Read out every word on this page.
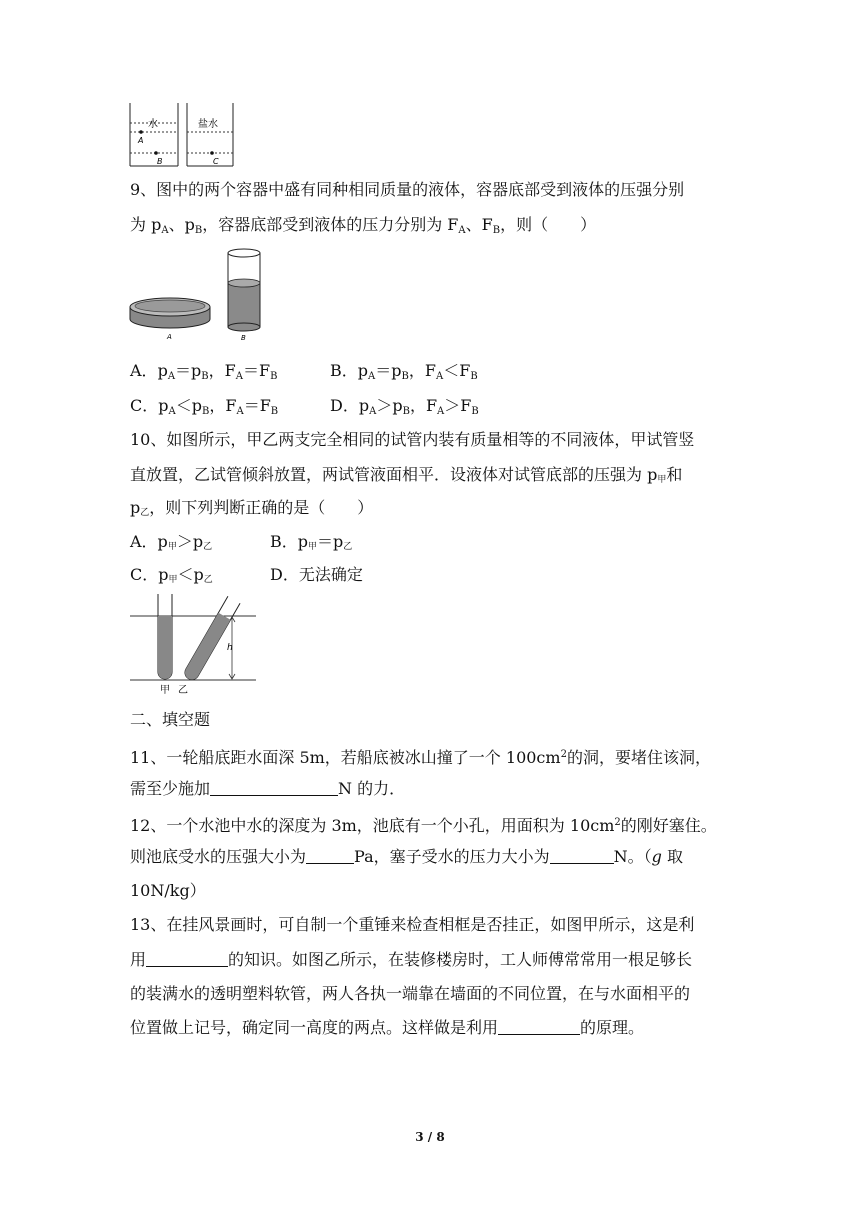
水
A
B
盐水
C
9、图中的两个容器中盛有同种相同质量的液体，容器底部受到液体的压强分别
为 $p_A$、$p_B$，容器底部受到液体的压力分别为 $F_A$、$F_B$，则（　　）
A	B
A．$p_A=p_B$，$F_A=F_B$	B．$p_A=p_B$，$F_A<F_B$
C．$p_A<p_B$，$F_A=F_B$	D．$p_A>p_B$，$F_A>F_B$
10、如图所示，甲乙两支完全相同的试管内装有质量相等的不同液体，甲试管竖
直放置，乙试管倾斜放置，两试管液面相平．设液体对试管底部的压强为 p甲和
p乙，则下列判断正确的是（　　）
A．p甲＞p乙	B．p甲＝p乙
C．p甲＜p乙	D．无法确定
h
甲 乙
二、填空题
11、一轮船底距水面深 5m，若船底被冰山撞了一个 $100cm^2$的洞，要堵住该洞，
需至少施加	N 的力．
12、一个水池中水的深度为 3m，池底有一个小孔，用面积为 $10cm^2$的刚好塞住。
则池底受水的压强大小为	Pa，塞子受水的压力大小为	N。（g 取
10N/kg）
13、在挂风景画时，可自制一个重锤来检查相框是否挂正，如图甲所示，这是利
用	的知识。如图乙所示，在装修楼房时，工人师傅常常用一根足够长
的装满水的透明塑料软管，两人各执一端靠在墙面的不同位置，在与水面相平的
位置做上记号，确定同一高度的两点。这样做是利用	的原理。
3 / 8
